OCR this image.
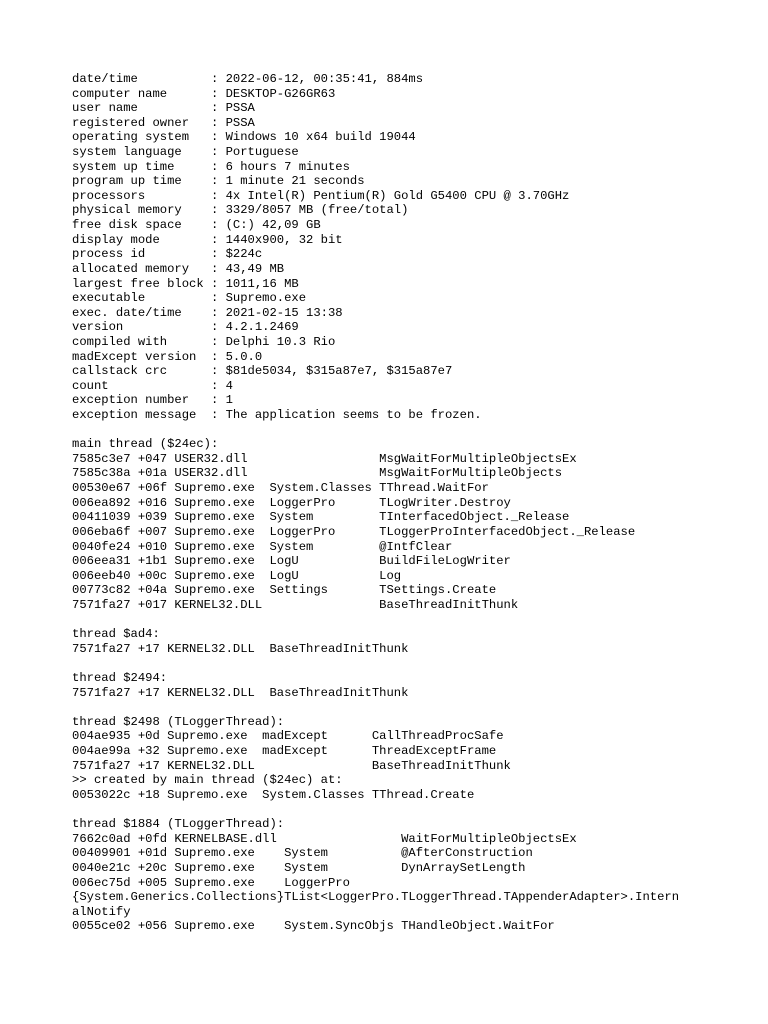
date/time          : 2022-06-12, 00:35:41, 884ms
computer name      : DESKTOP-G26GR63
user name          : PSSA
registered owner   : PSSA
operating system   : Windows 10 x64 build 19044
system language    : Portuguese
system up time     : 6 hours 7 minutes
program up time    : 1 minute 21 seconds
processors         : 4x Intel(R) Pentium(R) Gold G5400 CPU @ 3.70GHz
physical memory    : 3329/8057 MB (free/total)
free disk space    : (C:) 42,09 GB
display mode       : 1440x900, 32 bit
process id         : $224c
allocated memory   : 43,49 MB
largest free block : 1011,16 MB
executable         : Supremo.exe
exec. date/time    : 2021-02-15 13:38
version            : 4.2.1.2469
compiled with      : Delphi 10.3 Rio
madExcept version  : 5.0.0
callstack crc      : $81de5034, $315a87e7, $315a87e7
count              : 4
exception number   : 1
exception message  : The application seems to be frozen.
main thread ($24ec):
7585c3e7 +047 USER32.dll                  MsgWaitForMultipleObjectsEx
7585c38a +01a USER32.dll                  MsgWaitForMultipleObjects
00530e67 +06f Supremo.exe  System.Classes TThread.WaitFor
006ea892 +016 Supremo.exe  LoggerPro      TLogWriter.Destroy
00411039 +039 Supremo.exe  System         TInterfacedObject._Release
006eba6f +007 Supremo.exe  LoggerPro      TLoggerProInterfacedObject._Release
0040fe24 +010 Supremo.exe  System         @IntfClear
006eea31 +1b1 Supremo.exe  LogU           BuildFileLogWriter
006eeb40 +00c Supremo.exe  LogU           Log
00773c82 +04a Supremo.exe  Settings       TSettings.Create
7571fa27 +017 KERNEL32.DLL                BaseThreadInitThunk
thread $ad4:
7571fa27 +17 KERNEL32.DLL  BaseThreadInitThunk
thread $2494:
7571fa27 +17 KERNEL32.DLL  BaseThreadInitThunk
thread $2498 (TLoggerThread):
004ae935 +0d Supremo.exe  madExcept      CallThreadProcSafe
004ae99a +32 Supremo.exe  madExcept      ThreadExceptFrame
7571fa27 +17 KERNEL32.DLL                BaseThreadInitThunk
>> created by main thread ($24ec) at:
0053022c +18 Supremo.exe  System.Classes TThread.Create
thread $1884 (TLoggerThread):
7662c0ad +0fd KERNELBASE.dll                 WaitForMultipleObjectsEx
00409901 +01d Supremo.exe    System          @AfterConstruction
0040e21c +20c Supremo.exe    System          DynArraySetLength
006ec75d +005 Supremo.exe    LoggerPro
{System.Generics.Collections}TList<LoggerPro.TLoggerThread.TAppenderAdapter>.Intern
alNotify
0055ce02 +056 Supremo.exe    System.SyncObjs THandleObject.WaitFor
